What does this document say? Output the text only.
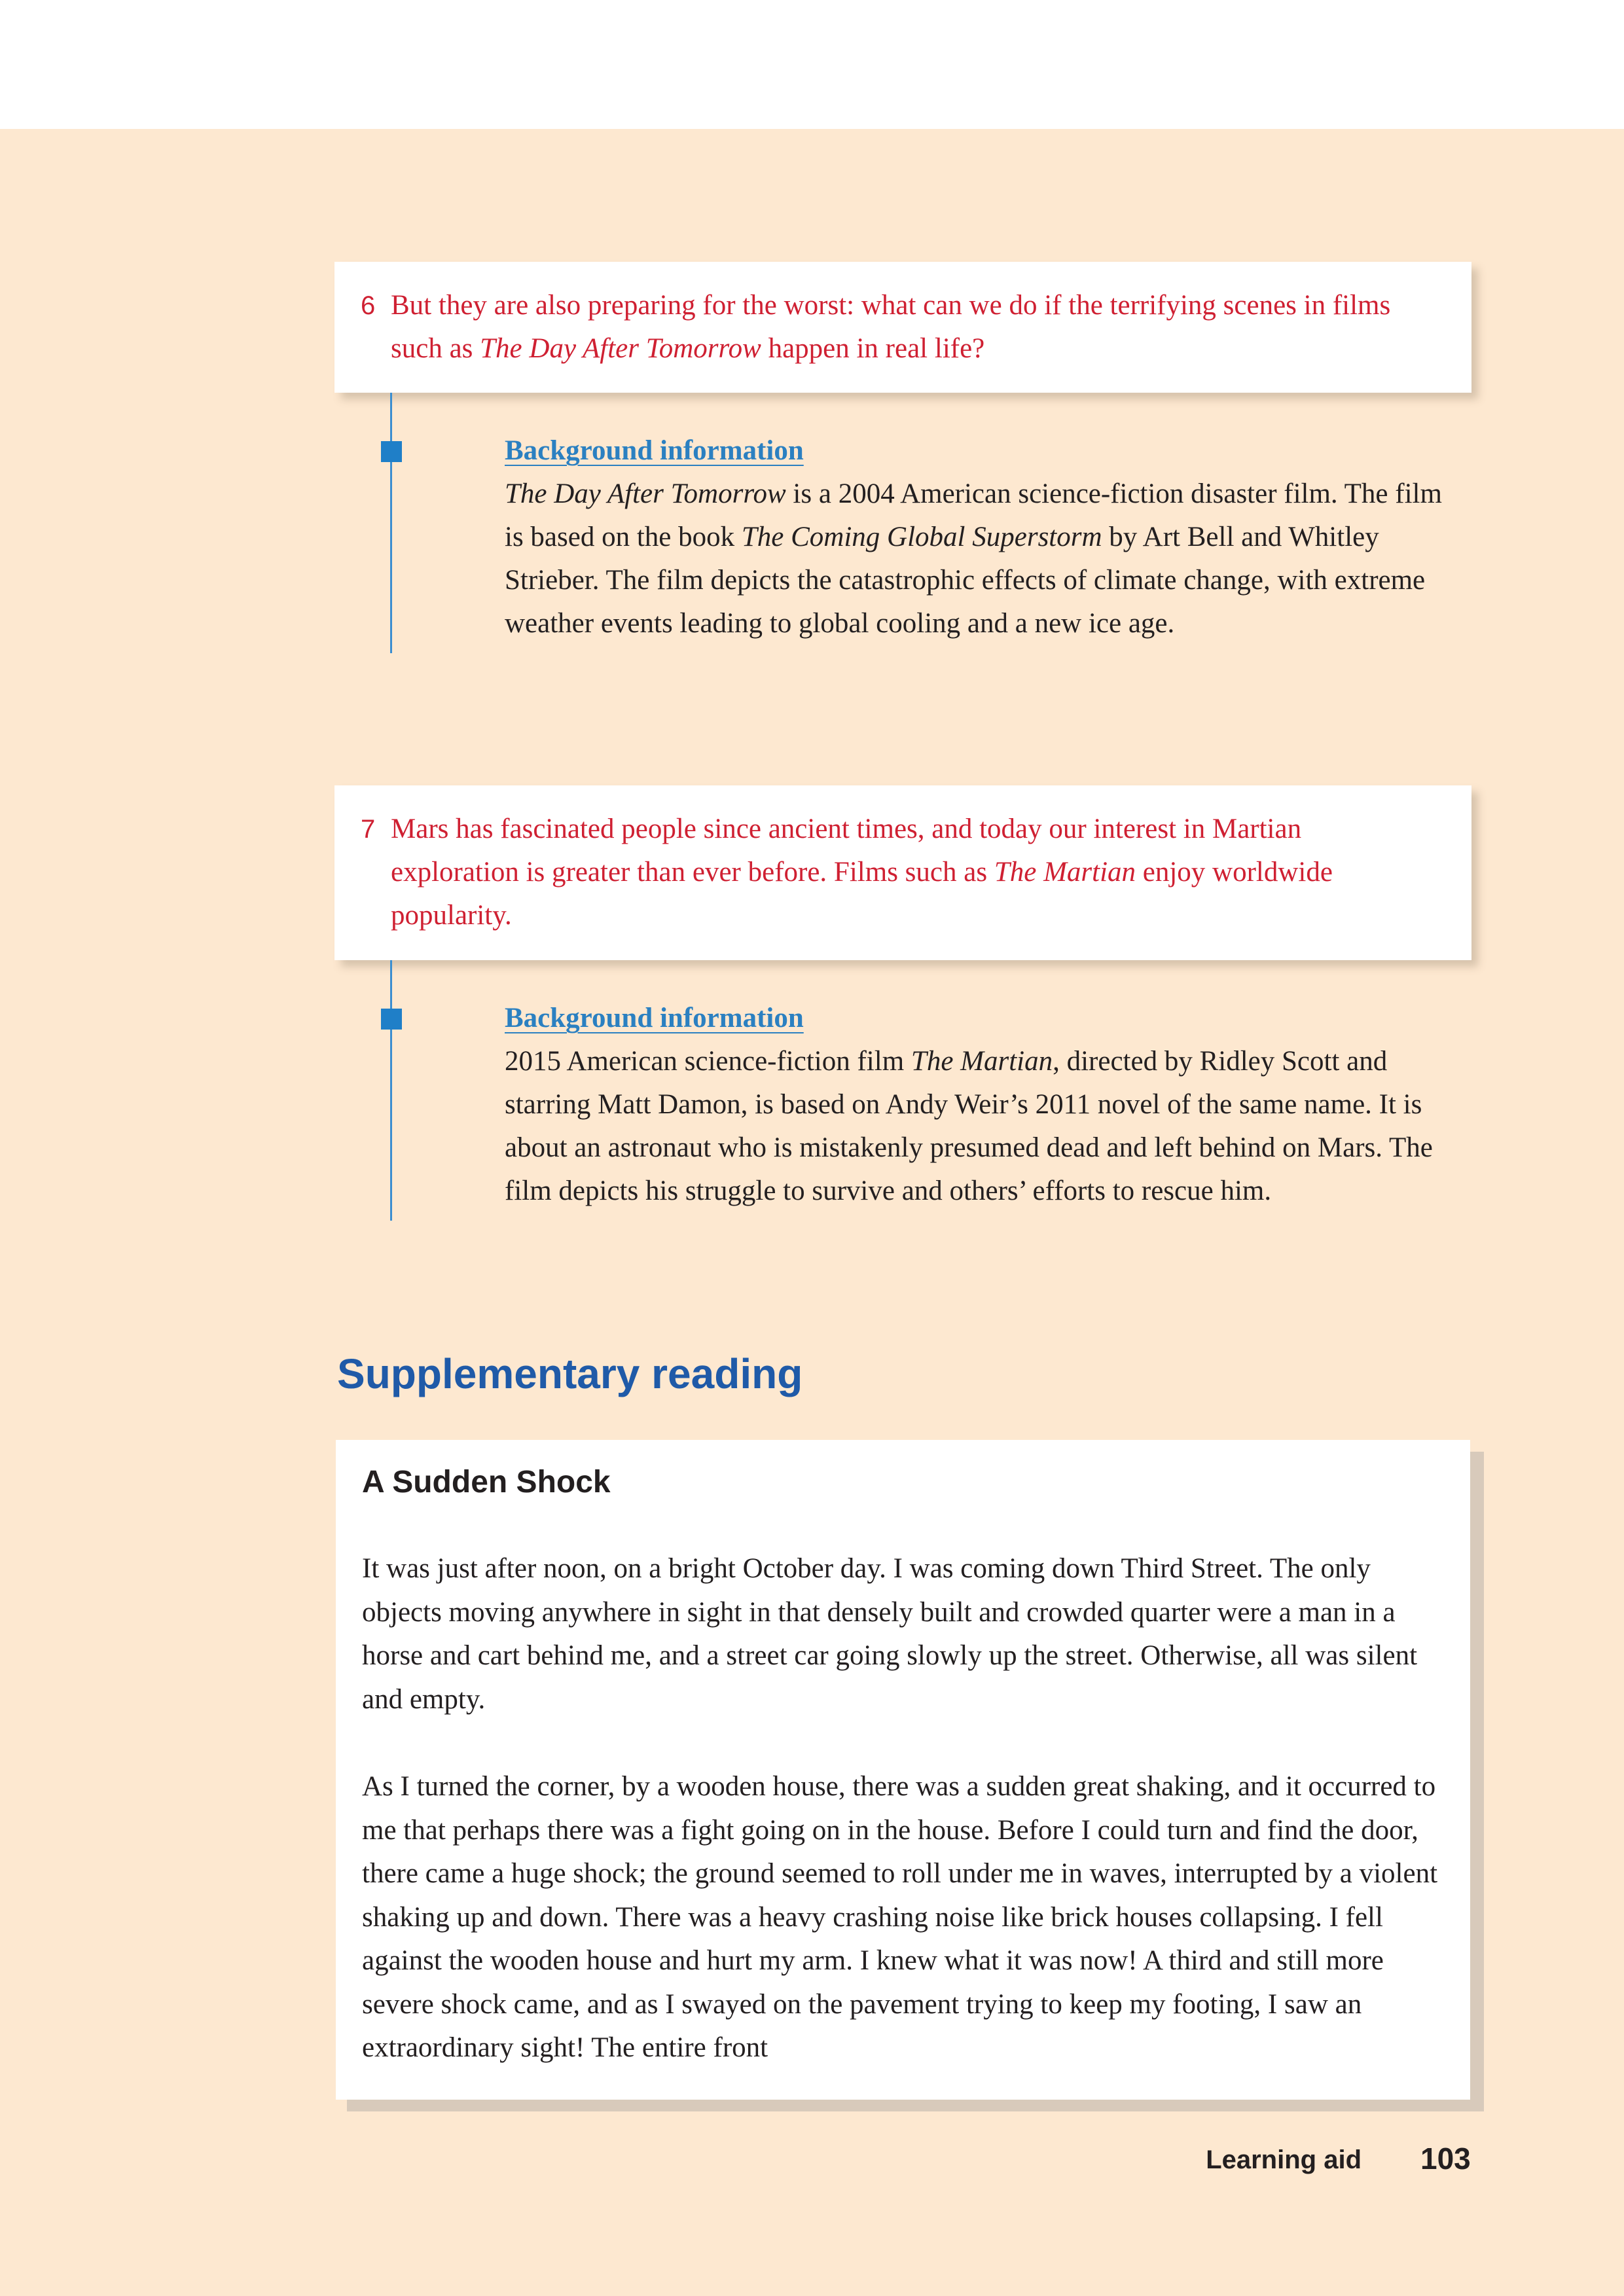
6 But they are also preparing for the worst: what can we do if the terrifying scenes in films such as The Day After Tomorrow happen in real life?
Background information
The Day After Tomorrow is a 2004 American science-fiction disaster film. The film is based on the book The Coming Global Superstorm by Art Bell and Whitley Strieber. The film depicts the catastrophic effects of climate change, with extreme weather events leading to global cooling and a new ice age.
7 Mars has fascinated people since ancient times, and today our interest in Martian exploration is greater than ever before. Films such as The Martian enjoy worldwide popularity.
Background information
2015 American science-fiction film The Martian, directed by Ridley Scott and starring Matt Damon, is based on Andy Weir’s 2011 novel of the same name. It is about an astronaut who is mistakenly presumed dead and left behind on Mars. The film depicts his struggle to survive and others’ efforts to rescue him.
Supplementary reading
A Sudden Shock

It was just after noon, on a bright October day. I was coming down Third Street. The only objects moving anywhere in sight in that densely built and crowded quarter were a man in a horse and cart behind me, and a street car going slowly up the street. Otherwise, all was silent and empty.

As I turned the corner, by a wooden house, there was a sudden great shaking, and it occurred to me that perhaps there was a fight going on in the house. Before I could turn and find the door, there came a huge shock; the ground seemed to roll under me in waves, interrupted by a violent shaking up and down. There was a heavy crashing noise like brick houses collapsing. I fell against the wooden house and hurt my arm. I knew what it was now! A third and still more severe shock came, and as I swayed on the pavement trying to keep my footing, I saw an extraordinary sight! The entire front

Learning aid 103
